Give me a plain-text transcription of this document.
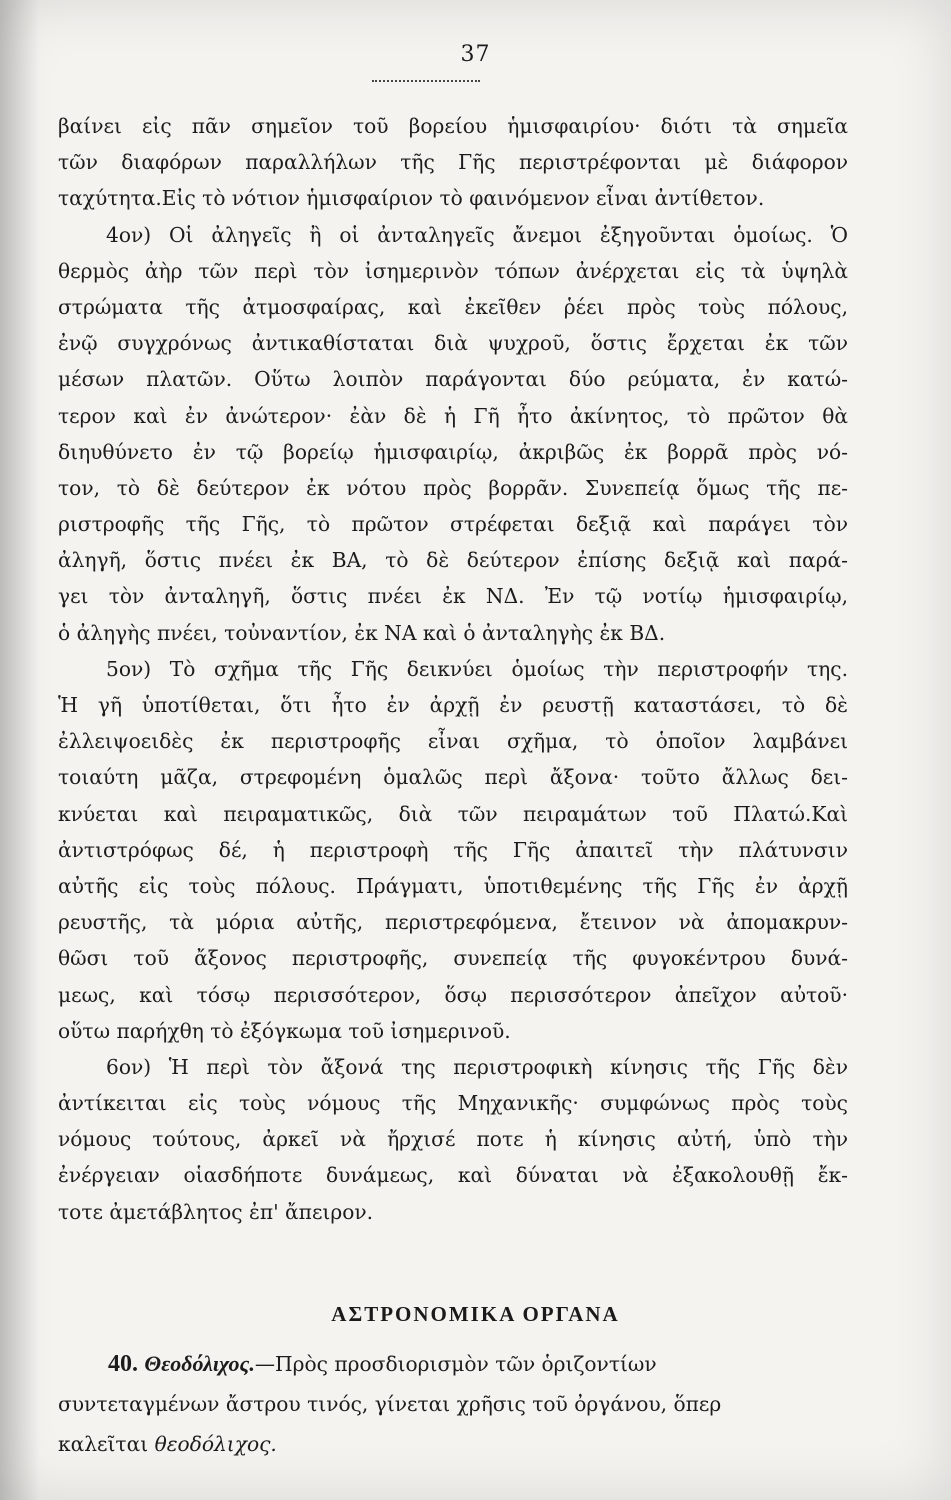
37
βαίνει εἰς πᾶν σημεῖον τοῦ βορείου ἡμισφαιρίου· διότι τὰ σημεῖα
τῶν διαφόρων παραλλήλων τῆς Γῆς περιστρέφονται μὲ διάφορον
ταχύτητα.Εἰς τὸ νότιον ἡμισφαίριον τὸ φαινόμενον εἶναι ἀντίθετον.
4ον) Οἱ ἀληγεῖς ἢ οἱ ἀνταληγεῖς ἄνεμοι ἐξηγοῦνται ὁμοίως. Ὁ
θερμὸς ἀὴρ τῶν περὶ τὸν ἰσημερινὸν τόπων ἀνέρχεται εἰς τὰ ὑψηλὰ
στρώματα τῆς ἀτμοσφαίρας, καὶ ἐκεῖθεν ῥέει πρὸς τοὺς πόλους,
ἐνῷ συγχρόνως ἀντικαθίσταται διὰ ψυχροῦ, ὅστις ἔρχεται ἐκ τῶν
μέσων πλατῶν. Οὕτω λοιπὸν παράγονται δύο ρεύματα, ἐν κατώ-
τερον καὶ ἐν ἀνώτερον· ἐὰν δὲ ἡ Γῆ ἦτο ἀκίνητος, τὸ πρῶτον θὰ
διηυθύνετο ἐν τῷ βορείῳ ἡμισφαιρίῳ, ἀκριβῶς ἐκ βορρᾶ πρὸς νό-
τον, τὸ δὲ δεύτερον ἐκ νότου πρὸς βορρᾶν. Συνεπείᾳ ὅμως τῆς πε-
ριστροφῆς τῆς Γῆς, τὸ πρῶτον στρέφεται δεξιᾷ καὶ παράγει τὸν
ἀληγῆ, ὅστις πνέει ἐκ ΒΑ, τὸ δὲ δεύτερον ἐπίσης δεξιᾷ καὶ παρά-
γει τὸν ἀνταληγῆ, ὅστις πνέει ἐκ ΝΔ. Ἐν τῷ νοτίῳ ἡμισφαιρίῳ,
ὁ ἀληγὴς πνέει, τοὐναντίον, ἐκ ΝΑ καὶ ὁ ἀνταληγὴς ἐκ ΒΔ.
5ον) Τὸ σχῆμα τῆς Γῆς δεικνύει ὁμοίως τὴν περιστροφήν της.
Ἡ γῆ ὑποτίθεται, ὅτι ἦτο ἐν ἀρχῇ ἐν ρευστῇ καταστάσει, τὸ δὲ
ἐλλειψοειδὲς ἐκ περιστροφῆς εἶναι σχῆμα, τὸ ὁποῖον λαμβάνει
τοιαύτη μᾶζα, στρεφομένη ὁμαλῶς περὶ ἄξονα· τοῦτο ἄλλως δει-
κνύεται καὶ πειραματικῶς, διὰ τῶν πειραμάτων τοῦ Πλατώ.Καὶ
ἀντιστρόφως δέ, ἡ περιστροφὴ τῆς Γῆς ἀπαιτεῖ τὴν πλάτυνσιν
αὐτῆς εἰς τοὺς πόλους. Πράγματι, ὑποτιθεμένης τῆς Γῆς ἐν ἀρχῇ
ρευστῆς, τὰ μόρια αὐτῆς, περιστρεφόμενα, ἔτεινον νὰ ἀπομακρυν-
θῶσι τοῦ ἄξονος περιστροφῆς, συνεπείᾳ τῆς φυγοκέντρου δυνά-
μεως, καὶ τόσῳ περισσότερον, ὅσῳ περισσότερον ἀπεῖχον αὐτοῦ·
οὕτω παρήχθη τὸ ἐξόγκωμα τοῦ ἰσημερινοῦ.
6ον) Ἡ περὶ τὸν ἄξονά της περιστροφικὴ κίνησις τῆς Γῆς δὲν
ἀντίκειται εἰς τοὺς νόμους τῆς Μηχανικῆς· συμφώνως πρὸς τοὺς
νόμους τούτους, ἀρκεῖ νὰ ἤρχισέ ποτε ἡ κίνησις αὐτή, ὑπὸ τὴν
ἐνέργειαν οἱασδήποτε δυνάμεως, καὶ δύναται νὰ ἐξακολουθῇ ἔκ-
τοτε ἀμετάβλητος ἐπ' ἄπειρον.
ΑΣΤΡΟΝΟΜΙΚΑ ΟΡΓΑΝΑ
40. Θεοδόλιχος.—Πρὸς προσδιορισμὸν τῶν ὁριζοντίων
συντεταγμένων ἄστρου τινός, γίνεται χρῆσις τοῦ ὀργάνου, ὅπερ
καλεῖται θεοδόλιχος.
